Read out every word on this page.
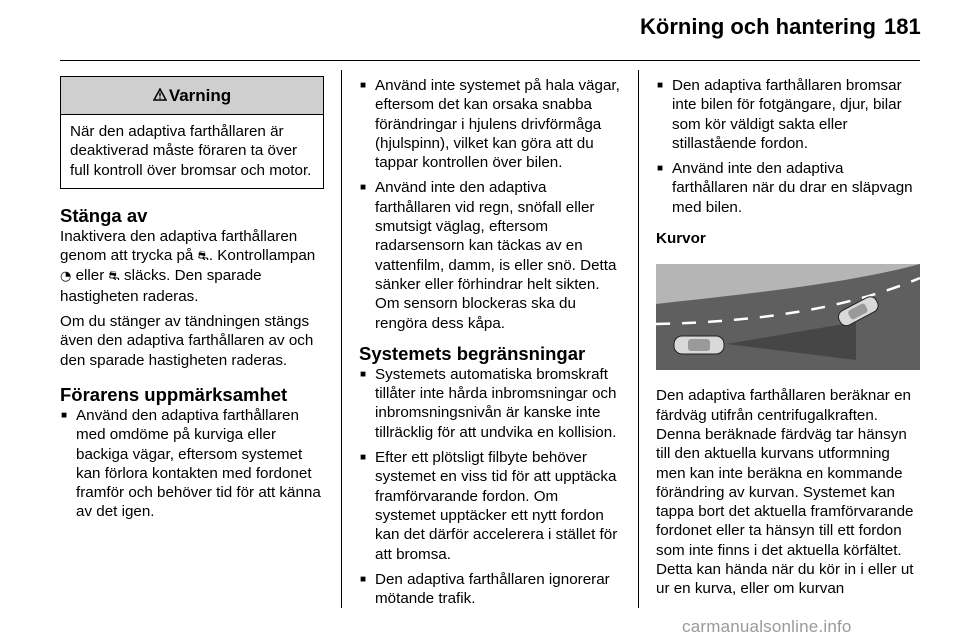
Körning och hantering 181
Varning
När den adaptiva farthållaren är deaktiverad måste föraren ta över full kontroll över bromsar och motor.
Stänga av

Inaktivera den adaptiva farthållaren genom att trycka på ⛐. Kontrollampan ◔ eller ⛐ släcks. Den sparade hastigheten raderas.

Om du stänger av tändningen stängs även den adaptiva farthållaren av och den sparade hastigheten raderas.

Förarens uppmärksamhet
■ Använd den adaptiva farthållaren med omdöme på kurviga eller backiga vägar, eftersom systemet kan förlora kontakten med fordonet framför och behöver tid för att känna av det igen.
■ Använd inte systemet på hala vägar, eftersom det kan orsaka snabba förändringar i hjulens drivförmåga (hjulspinn), vilket kan göra att du tappar kontrollen över bilen.
■ Använd inte den adaptiva farthållaren vid regn, snöfall eller smutsigt väglag, eftersom radarsensorn kan täckas av en vattenfilm, damm, is eller snö. Detta sänker eller förhindrar helt sikten. Om sensorn blockeras ska du rengöra dess kåpa.
Systemets begränsningar
■ Systemets automatiska bromskraft tillåter inte hårda inbromsningar och inbromsningsnivån är kanske inte tillräcklig för att undvika en kollision.
■ Efter ett plötsligt filbyte behöver systemet en viss tid för att upptäcka framförvarande fordon. Om systemet upptäcker ett nytt fordon kan det därför accelerera i stället för att bromsa.
■ Den adaptiva farthållaren ignorerar mötande trafik.
■ Den adaptiva farthållaren bromsar inte bilen för fotgängare, djur, bilar som kör väldigt sakta eller stillastående fordon.
■ Använd inte den adaptiva farthållaren när du drar en släpvagn med bilen.
Kurvor

Den adaptiva farthållaren beräknar en färdväg utifrån centrifugalkraften. Denna beräknade färdväg tar hänsyn till den aktuella kurvans utformning men kan inte beräkna en kommande förändring av kurvan. Systemet kan tappa bort det aktuella framförvarande fordonet eller ta hänsyn till ett fordon som inte finns i det aktuella körfältet. Detta kan hända när du kör in i eller ut ur en kurva, eller om kurvan

carmanualsonline.info
